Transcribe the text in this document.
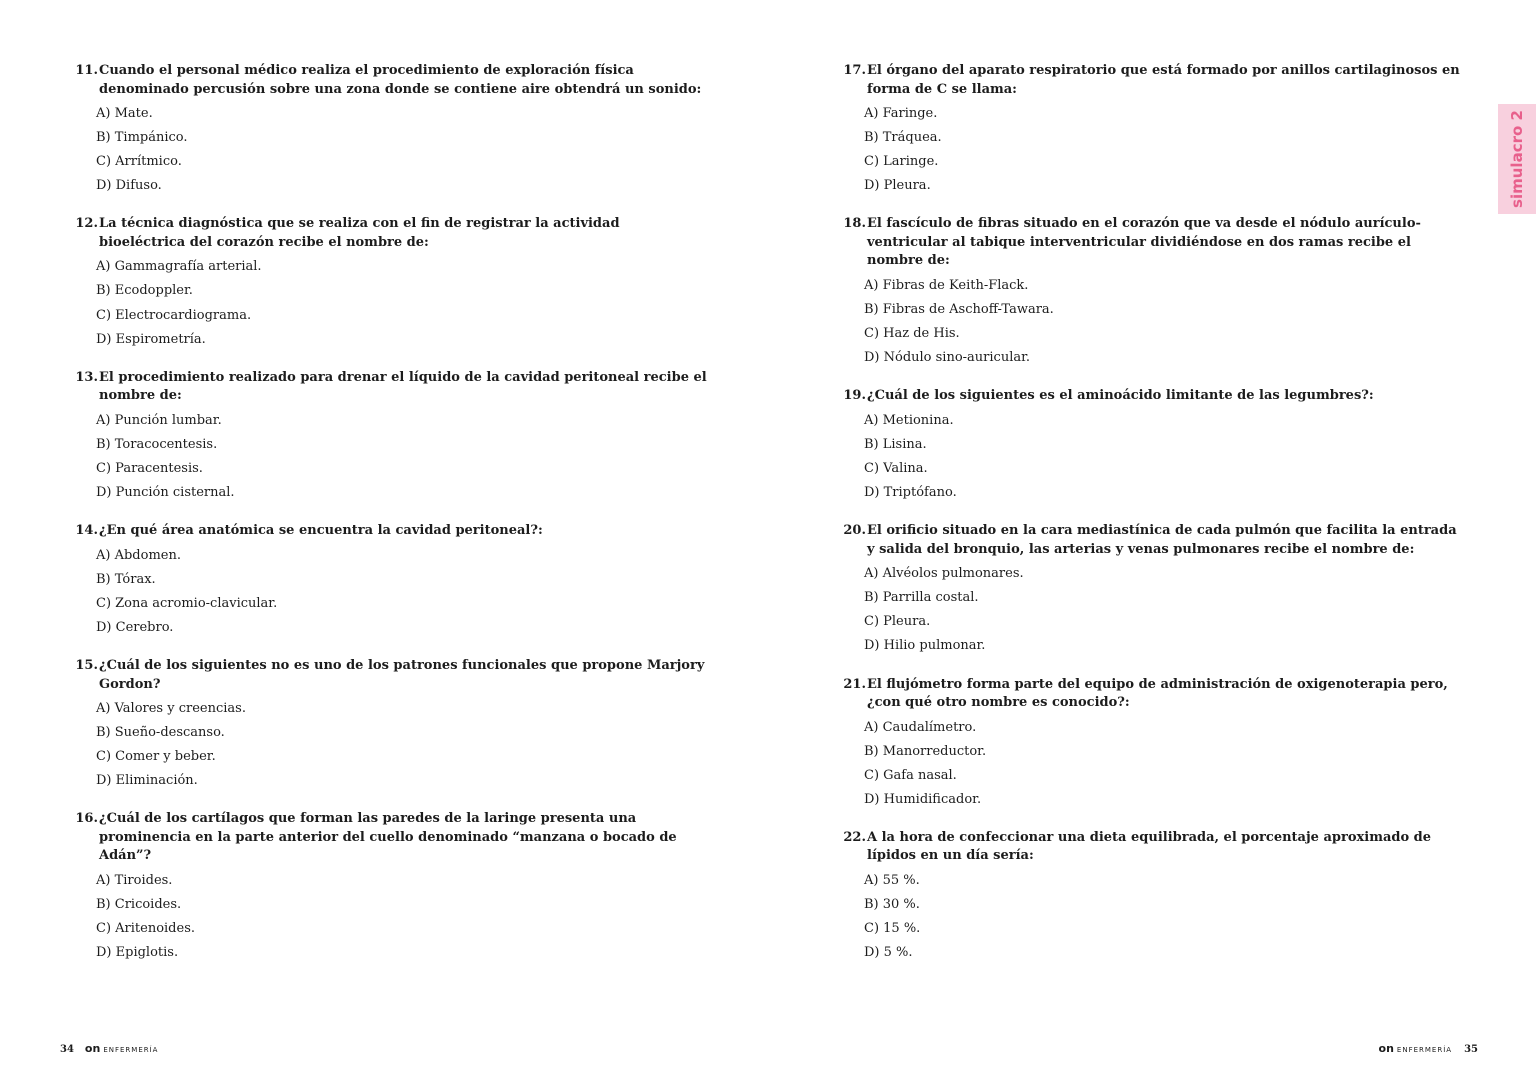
11. Cuando el personal médico realiza el procedimiento de exploración física denominado percusión sobre una zona donde se contiene aire obtendrá un sonido:
A) Mate.
B) Timpánico.
C) Arrítmico.
D) Difuso.
12. La técnica diagnóstica que se realiza con el fin de registrar la actividad bioeléctrica del corazón recibe el nombre de:
A) Gammagrafía arterial.
B) Ecodoppler.
C) Electrocardiograma.
D) Espirometría.
13. El procedimiento realizado para drenar el líquido de la cavidad peritoneal recibe el nombre de:
A) Punción lumbar.
B) Toracocentesis.
C) Paracentesis.
D) Punción cisternal.
14. ¿En qué área anatómica se encuentra la cavidad peritoneal?:
A) Abdomen.
B) Tórax.
C) Zona acromio-clavicular.
D) Cerebro.
15. ¿Cuál de los siguientes no es uno de los patrones funcionales que propone Marjory Gordon?
A) Valores y creencias.
B) Sueño-descanso.
C) Comer y beber.
D) Eliminación.
16. ¿Cuál de los cartílagos que forman las paredes de la laringe presenta una prominencia en la parte anterior del cuello denominado “manzana o bocado de Adán”?
A) Tiroides.
B) Cricoides.
C) Aritenoides.
D) Epiglotis.
17. El órgano del aparato respiratorio que está formado por anillos cartilaginosos en forma de C se llama:
A) Faringe.
B) Tráquea.
C) Laringe.
D) Pleura.
18. El fascículo de fibras situado en el corazón que va desde el nódulo aurículo-ventricular al tabique interventricular dividiéndose en dos ramas recibe el nombre de:
A) Fibras de Keith-Flack.
B) Fibras de Aschoff-Tawara.
C) Haz de His.
D) Nódulo sino-auricular.
19. ¿Cuál de los siguientes es el aminoácido limitante de las legumbres?:
A) Metionina.
B) Lisina.
C) Valina.
D) Triptófano.
20. El orificio situado en la cara mediastínica de cada pulmón que facilita la entrada y salida del bronquio, las arterias y venas pulmonares recibe el nombre de:
A) Alvéolos pulmonares.
B) Parrilla costal.
C) Pleura.
D) Hilio pulmonar.
21. El flujómetro forma parte del equipo de administración de oxigenoterapia pero, ¿con qué otro nombre es conocido?:
A) Caudalímetro.
B) Manorreductor.
C) Gafa nasal.
D) Humidificador.
22. A la hora de confeccionar una dieta equilibrada, el porcentaje aproximado de lípidos en un día sería:
A) 55 %.
B) 30 %.
C) 15 %.
D) 5 %.
simulacro 2
34 on ENFERMERÍA	on ENFERMERÍA 35
